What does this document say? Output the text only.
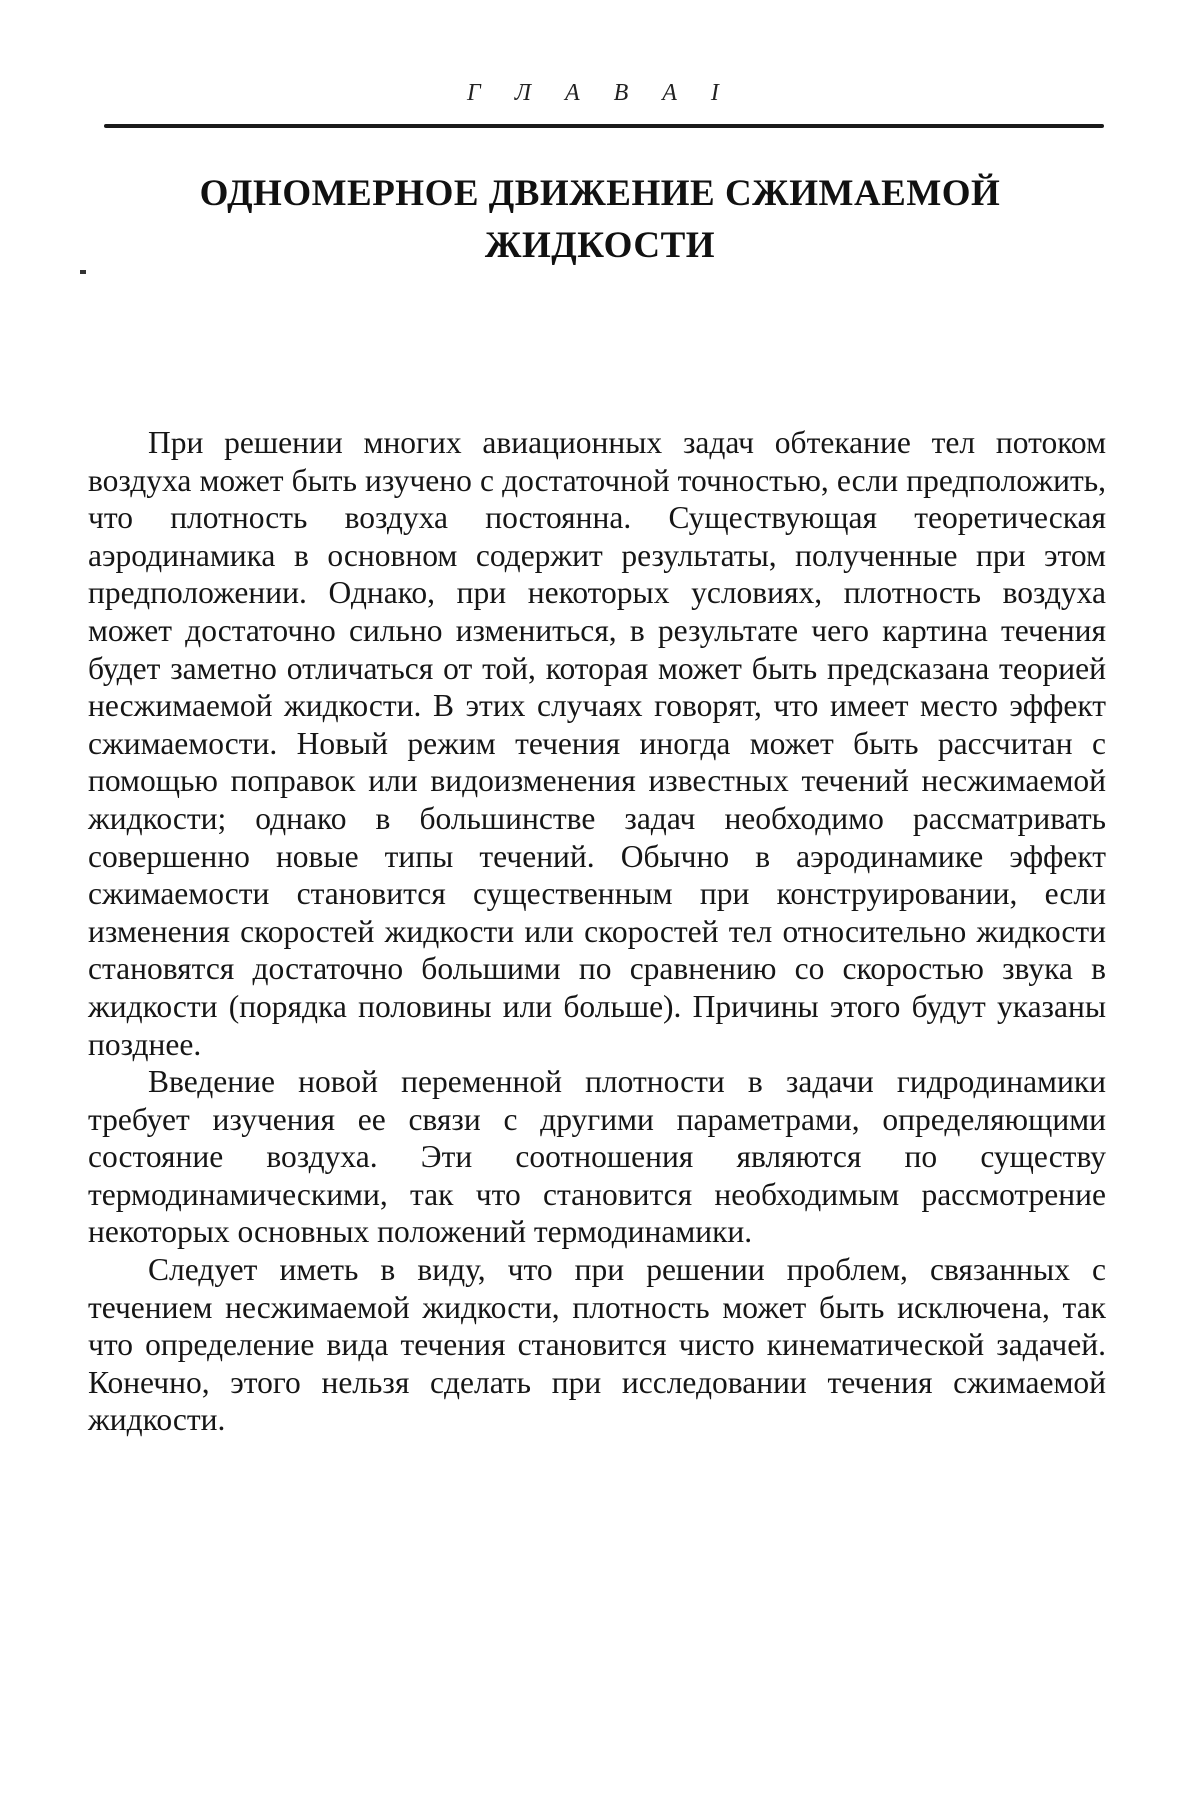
Г Л А В А I
ОДНОМЕРНОЕ ДВИЖЕНИЕ СЖИМАЕМОЙ
ЖИДКОСТИ

При решении многих авиационных задач обтекание тел потоком воздуха может быть изучено с достаточной точностью, если предположить, что плотность воздуха постоянна. Существующая теоретическая аэродинамика в основном содержит результаты, полученные при этом предположении. Однако, при некоторых условиях, плотность воздуха может достаточно сильно измениться, в результате чего картина течения будет заметно отличаться от той, которая может быть предсказана теорией несжимаемой жидкости. В этих случаях говорят, что имеет место эффект сжимаемости. Новый режим течения иногда может быть рассчитан с помощью поправок или видоизменения известных течений несжимаемой жидкости; однако в большинстве задач необходимо рассматривать совершенно новые типы течений. Обычно в аэродинамике эффект сжимаемости становится существенным при конструировании, если изменения скоростей жидкости или скоростей тел относительно жидкости становятся достаточно большими по сравнению со скоростью звука в жидкости (порядка половины или больше). Причины этого будут указаны позднее.

Введение новой переменной плотности в задачи гидродинамики требует изучения ее связи с другими параметрами, определяющими состояние воздуха. Эти соотношения являются по существу термодинамическими, так что становится необходимым рассмотрение некоторых основных положений термодинамики.

Следует иметь в виду, что при решении проблем, связанных с течением несжимаемой жидкости, плотность может быть исключена, так что определение вида течения становится чисто кинематической задачей. Конечно, этого нельзя сделать при исследовании течения сжимаемой жидкости.
